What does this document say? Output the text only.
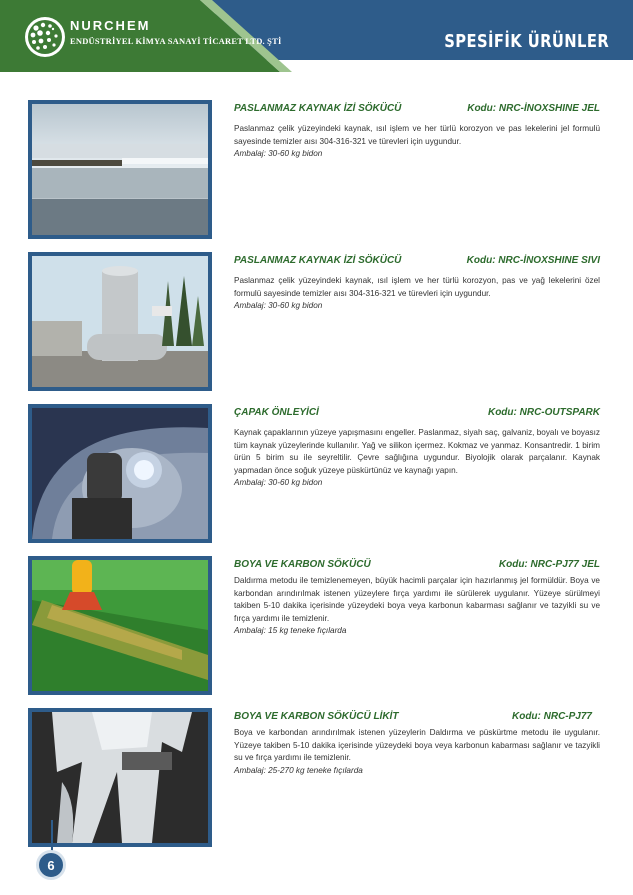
NURCHEM
ENDÜSTRİYEL KİMYA SANAYİ TİCARET LTD. ŞTİ	SPESİFİK ÜRÜNLER
PASLANMAZ KAYNAK İZİ SÖKÜCÜ	Kodu: NRC-İNOXSHINE JEL
Paslanmaz çelik yüzeyindeki kaynak, ısıl işlem ve her türlü korozyon ve pas lekelerini jel formulü sayesinde temizler aısı 304-316-321 ve türevleri için uygundur.
Ambalaj: 30-60 kg bidon
PASLANMAZ KAYNAK İZİ SÖKÜCÜ	Kodu: NRC-İNOXSHINE SIVI
Paslanmaz çelik yüzeyindeki kaynak, ısıl işlem ve her türlü korozyon, pas ve yağ lekelerini özel formulü sayesinde temizler aısı 304-316-321 ve türevleri için uygundur.
Ambalaj: 30-60 kg bidon
ÇAPAK ÖNLEYİCİ	Kodu: NRC-OUTSPARK
Kaynak çapaklarının yüzeye yapışmasını engeller. Paslanmaz, siyah saç, galvaniz, boyalı ve boyasız tüm kaynak yüzeylerinde kullanılır. Yağ ve silikon içermez. Kokmaz ve yanmaz. Konsantredir. 1 birim ürün 5 birim su ile seyreltilir. Çevre sağlığına uygundur. Biyolojik olarak parçalanır. Kaynak yapmadan önce soğuk yüzeye püskürtünüz ve kaynağı yapın.
Ambalaj: 30-60 kg bidon
BOYA VE KARBON SÖKÜCÜ	Kodu: NRC-PJ77 JEL
Daldırma metodu ile temizlenemeyen, büyük hacimli parçalar için hazırlanmış jel formüldür. Boya ve karbondan arındırılmak istenen yüzeylere fırça yardımı ile sürülerek uygulanır. Yüzeye sürülmeyi takiben 5-10 dakika içerisinde yüzeydeki boya veya karbonun kabarması sağlanır ve tazyikli su ve fırça yardımı ile temizlenir.
Ambalaj: 15 kg teneke fıçılarda
BOYA VE KARBON SÖKÜCÜ LİKİT	Kodu: NRC-PJ77
Boya ve karbondan arındırılmak istenen yüzeylerin Daldırma ve püskürtme metodu ile uygulanır. Yüzeye takiben 5-10 dakika içerisinde yüzeydeki boya veya karbonun kabarması sağlanır ve tazyikli su ve fırça yardımı ile temizlenir.
Ambalaj: 25-270 kg teneke fıçılarda
6
